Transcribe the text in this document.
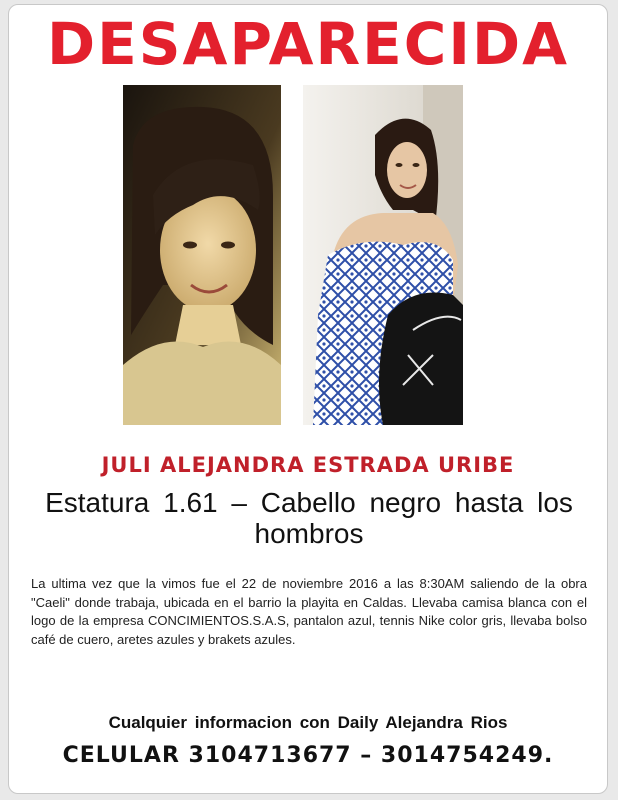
DESAPARECIDA
JULI ALEJANDRA ESTRADA URIBE
Estatura 1.61 – Cabello negro hasta los hombros
La ultima vez que la vimos fue el 22 de noviembre 2016 a las 8:30AM saliendo de la obra "Caeli" donde trabaja, ubicada en el barrio la playita en Caldas. Llevaba camisa blanca con el logo de la empresa CONCIMIENTOS.S.A.S, pantalon azul, tennis Nike color gris, llevaba bolso café de cuero, aretes azules y brakets azules.
Cualquier informacion con Daily Alejandra Rios
CELULAR 3104713677 – 3014754249.
